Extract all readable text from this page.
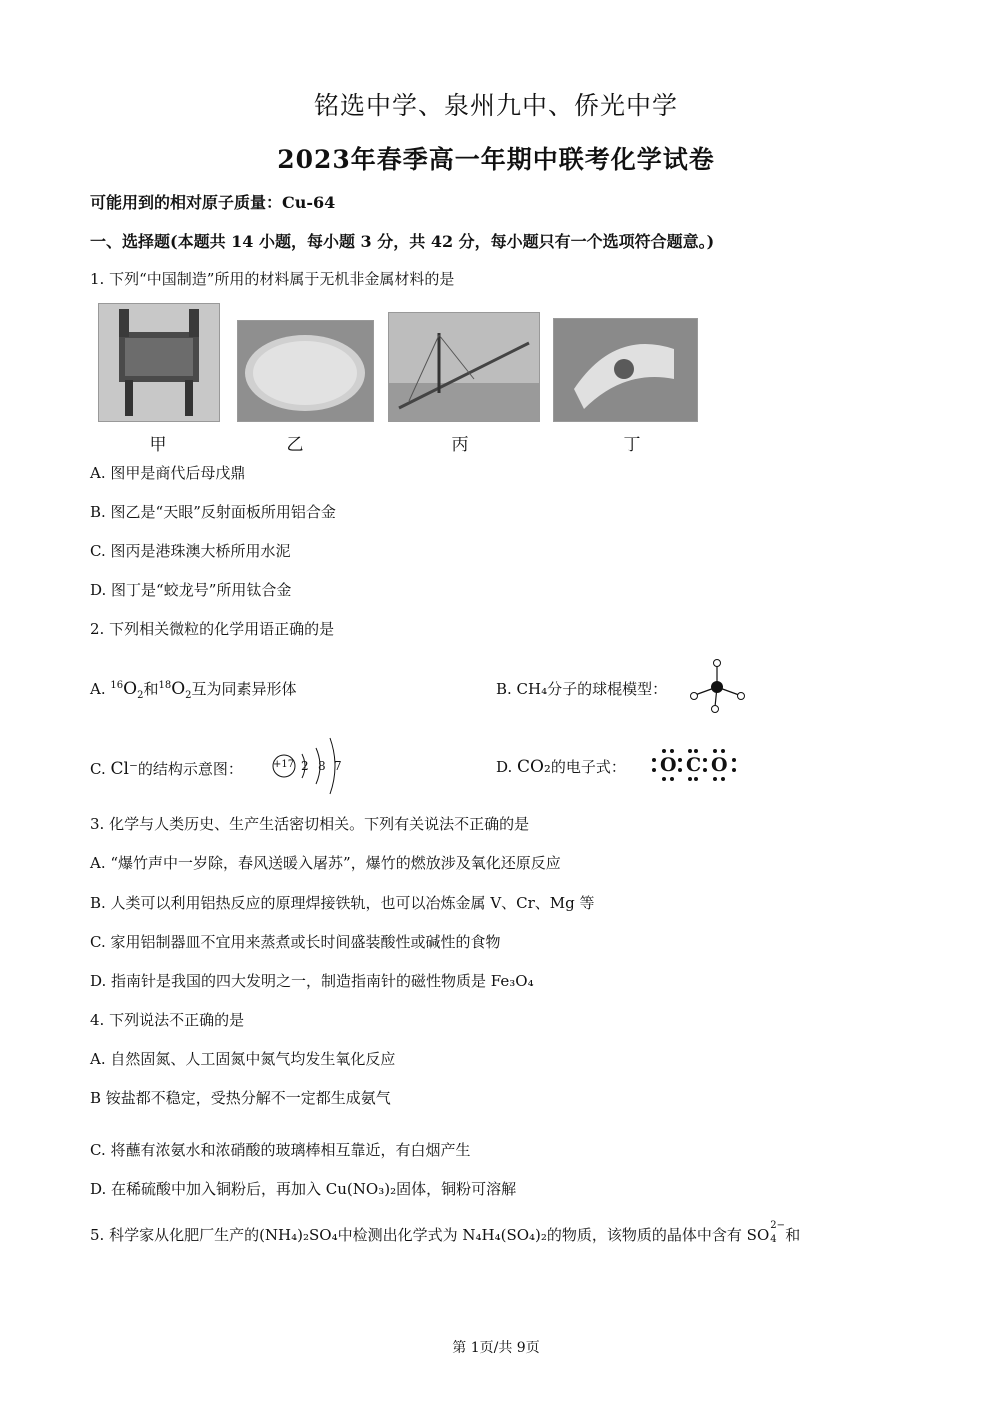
铭选中学、泉州九中、侨光中学
2023年春季高一年期中联考化学试卷
可能用到的相对原子质量：Cu-64
一、选择题(本题共 14 小题，每小题 3 分，共 42 分，每小题只有一个选项符合题意。)
1. 下列“中国制造”所用的材料属于无机非金属材料的是
甲	乙	丙	丁
A. 图甲是商代后母戊鼎
B. 图乙是“天眼”反射面板所用铝合金
C. 图丙是港珠澳大桥所用水泥
D. 图丁是“蛟龙号”所用钛合金
2. 下列相关微粒的化学用语正确的是
A. $^{16}O_2$和$^{18}O_2$互为同素异形体	B. CH₄分子的球棍模型：
C. Cl⁻的结构示意图：	+17 2 8 7	D. CO₂的电子式： O C O
3. 化学与人类历史、生产生活密切相关。下列有关说法不正确的是
A. “爆竹声中一岁除，春风送暖入屠苏”，爆竹的燃放涉及氧化还原反应
B. 人类可以利用铝热反应的原理焊接铁轨，也可以冶炼金属 V、Cr、Mg 等
C. 家用铝制器皿不宜用来蒸煮或长时间盛装酸性或碱性的食物
D. 指南针是我国的四大发明之一，制造指南针的磁性物质是 Fe₃O₄
4. 下列说法不正确的是
A. 自然固氮、人工固氮中氮气均发生氧化反应
B 铵盐都不稳定，受热分解不一定都生成氨气
C. 将蘸有浓氨水和浓硝酸的玻璃棒相互靠近，有白烟产生
D. 在稀硫酸中加入铜粉后，再加入 Cu(NO₃)₂固体，铜粉可溶解
5. 科学家从化肥厂生产的(NH₄)₂SO₄中检测出化学式为 N₄H₄(SO₄)₂的物质，该物质的晶体中含有 SO
2−
4 和
第 1页/共 9页
